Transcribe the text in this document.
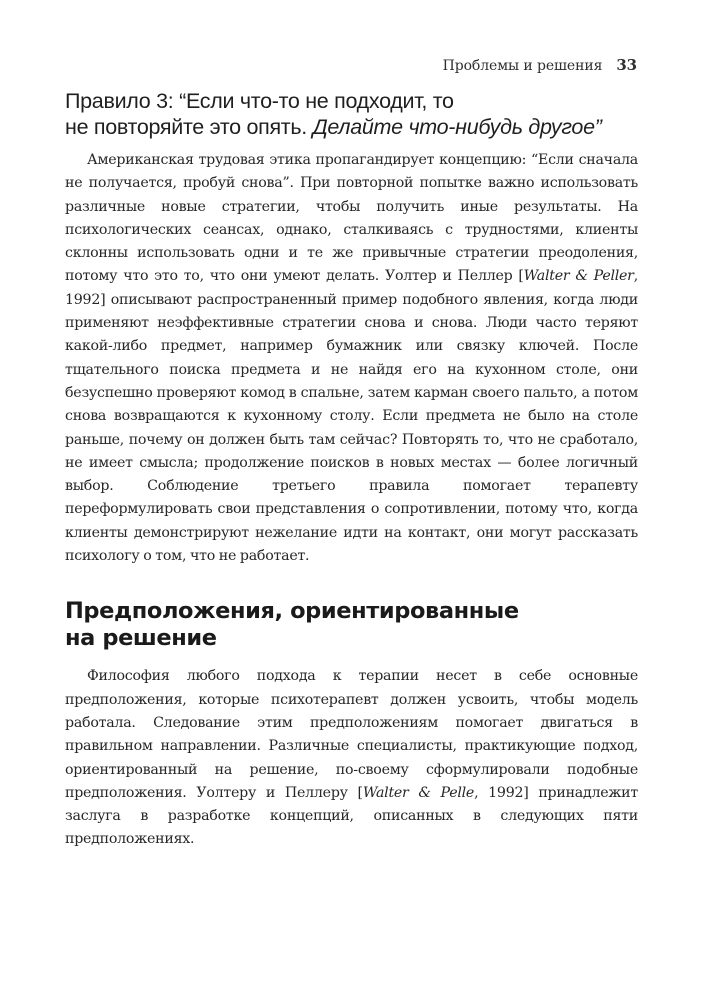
Проблемы и решения 33
Правило 3: “Если что-то не подходит, то
не повторяйте это опять. Делайте что-нибудь другое”

Американская трудовая этика пропагандирует концепцию: “Если сначала не получается, пробуй снова”. При повторной попытке важно использовать различные новые стратегии, чтобы получить иные результаты. На психологических сеансах, однако, сталкиваясь с трудностями, клиенты склонны использовать одни и те же привычные стратегии преодоления, потому что это то, что они умеют делать. Уолтер и Пеллер [Walter & Peller, 1992] описывают распространенный пример подобного явления, когда люди применяют неэффективные стратегии снова и снова. Люди часто теряют какой-либо предмет, например бумажник или связку ключей. После тщательного поиска предмета и не найдя его на кухонном столе, они безуспешно проверяют комод в спальне, затем карман своего пальто, а потом снова возвращаются к кухонному столу. Если предмета не было на столе раньше, почему он должен быть там сейчас? Повторять то, что не сработало, не имеет смысла; продолжение поисков в новых местах — более логичный выбор. Соблюдение третьего правила помогает терапевту переформулировать свои представления о сопротивлении, потому что, когда клиенты демонстрируют нежелание идти на контакт, они могут рассказать психологу о том, что не работает.

Предположения, ориентированные
на решение

Философия любого подхода к терапии несет в себе основные предположения, которые психотерапевт должен усвоить, чтобы модель работала. Следование этим предположениям помогает двигаться в правильном направлении. Различные специалисты, практикующие подход, ориентированный на решение, по-своему сформулировали подобные предположения. Уолтеру и Пеллеру [Walter & Pelle, 1992] принадлежит заслуга в разработке концепций, описанных в следующих пяти предположениях.
